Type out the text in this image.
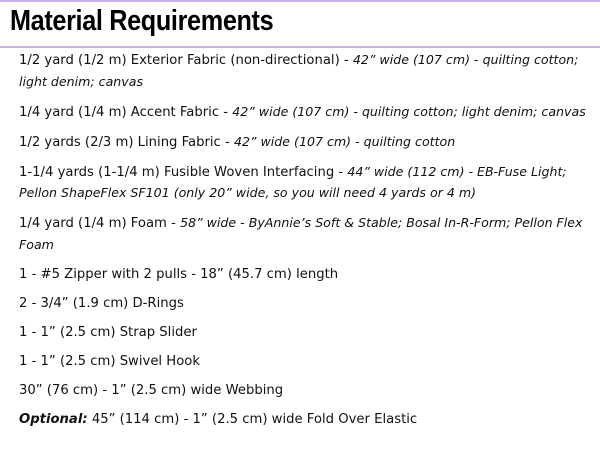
Material Requirements
1/2 yard (1/2 m) Exterior Fabric (non-directional) - 42” wide (107 cm) - quilting cotton; light denim; canvas
1/4 yard (1/4 m) Accent Fabric - 42” wide (107 cm) - quilting cotton; light denim; canvas
1/2 yards (2/3 m) Lining Fabric - 42” wide (107 cm) - quilting cotton
1-1/4 yards (1-1/4 m) Fusible Woven Interfacing - 44” wide (112 cm) - EB-Fuse Light; Pellon ShapeFlex SF101 (only 20” wide, so you will need 4 yards or 4 m)
1/4 yard (1/4 m) Foam - 58” wide - ByAnnie’s Soft & Stable; Bosal In-R-Form; Pellon Flex Foam
1 - #5 Zipper with 2 pulls - 18” (45.7 cm) length
2 - 3/4” (1.9 cm) D-Rings
1 - 1” (2.5 cm) Strap Slider
1 - 1” (2.5 cm) Swivel Hook
30” (76 cm) - 1” (2.5 cm) wide Webbing
Optional: 45” (114 cm) - 1” (2.5 cm) wide Fold Over Elastic
